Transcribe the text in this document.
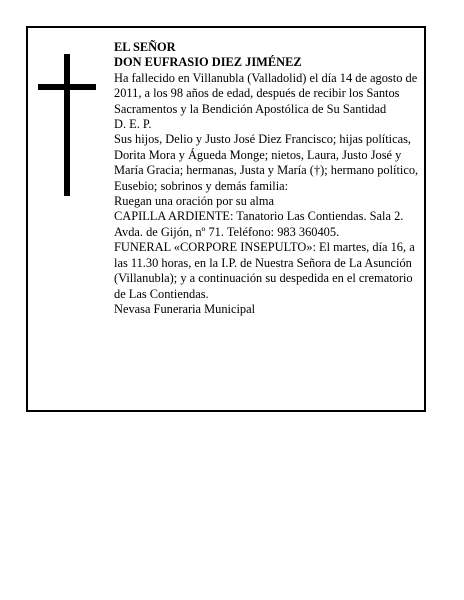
EL SEÑOR

DON EUFRASIO DIEZ JIMÉNEZ

Ha fallecido en Villanubla (Valladolid) el día 14 de agosto de 2011, a los 98 años de edad, después de recibir los Santos Sacramentos y la Bendición Apostólica de Su Santidad

D. E. P.

Sus hijos, Delio y Justo José Diez Francisco; hijas políticas, Dorita Mora y Águeda Monge; nietos, Laura, Justo José y María Gracia; hermanas, Justa y María (†); hermano político, Eusebio; sobrinos y demás familia:

Ruegan una oración por su alma

CAPILLA ARDIENTE: Tanatorio Las Contiendas. Sala 2. Avda. de Gijón, nº 71. Teléfono: 983 360405.

FUNERAL «CORPORE INSEPULTO»: El martes, día 16, a las 11.30 horas, en la I.P. de Nuestra Señora de La Asunción (Villanubla); y a continuación su despedida en el crematorio de Las Contiendas.

Nevasa Funeraria Municipal
